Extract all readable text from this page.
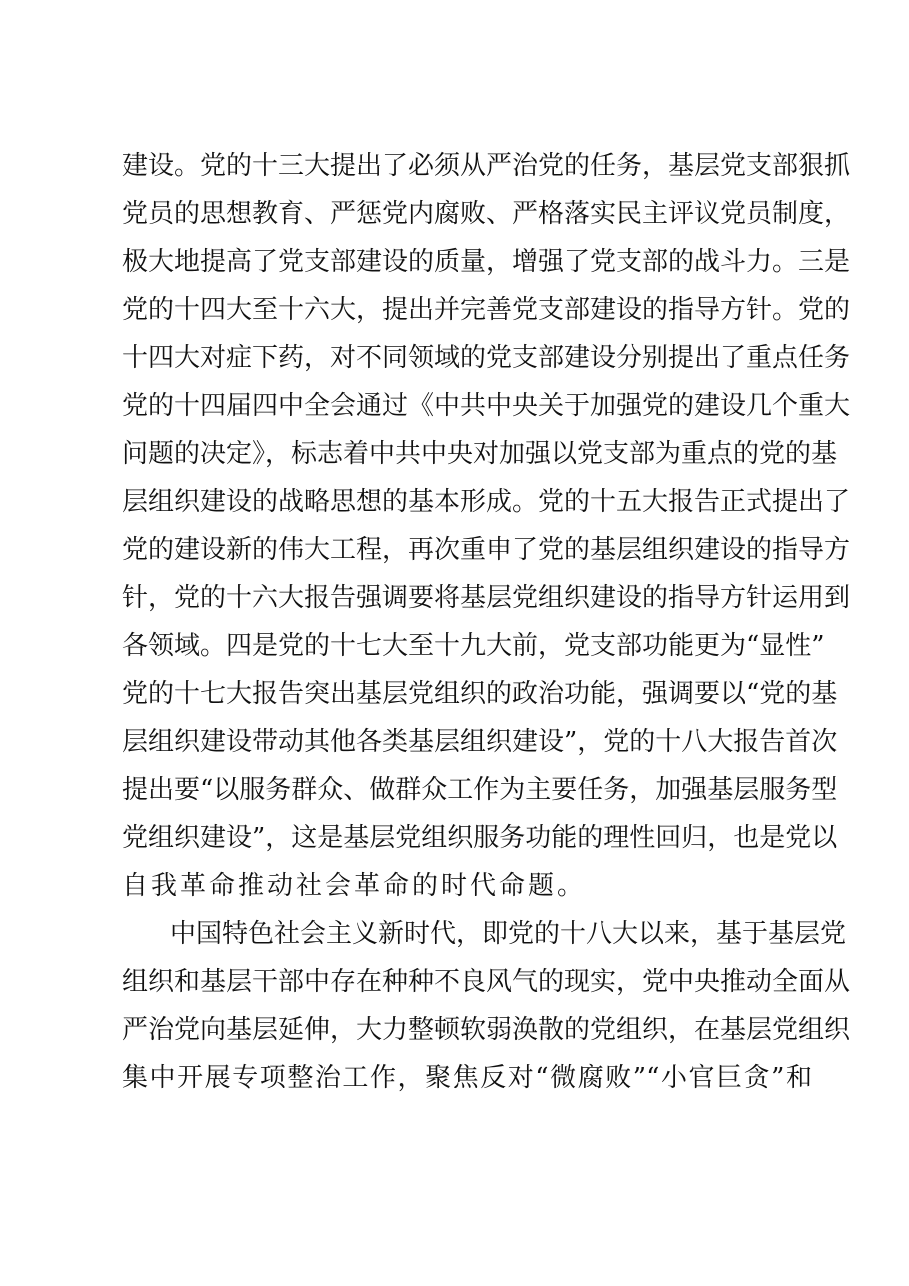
建设。党的十三大提出了必须从严治党的任务，基层党支部狠抓
党员的思想教育、严惩党内腐败、严格落实民主评议党员制度，
极大地提高了党支部建设的质量，增强了党支部的战斗力。三是
党的十四大至十六大，提出并完善党支部建设的指导方针。党的
十四大对症下药，对不同领域的党支部建设分别提出了重点任务
党的十四届四中全会通过《中共中央关于加强党的建设几个重大
问题的决定》，标志着中共中央对加强以党支部为重点的党的基
层组织建设的战略思想的基本形成。党的十五大报告正式提出了
党的建设新的伟大工程，再次重申了党的基层组织建设的指导方
针，党的十六大报告强调要将基层党组织建设的指导方针运用到
各领域。四是党的十七大至十九大前，党支部功能更为“显性”
党的十七大报告突出基层党组织的政治功能，强调要以“党的基
层组织建设带动其他各类基层组织建设”，党的十八大报告首次
提出要“以服务群众、做群众工作为主要任务，加强基层服务型
党组织建设”，这是基层党组织服务功能的理性回归，也是党以
自我革命推动社会革命的时代命题。
中国特色社会主义新时代，即党的十八大以来，基于基层党
组织和基层干部中存在种种不良风气的现实，党中央推动全面从
严治党向基层延伸，大力整顿软弱涣散的党组织，在基层党组织
集中开展专项整治工作，聚焦反对“微腐败”“小官巨贪”和
